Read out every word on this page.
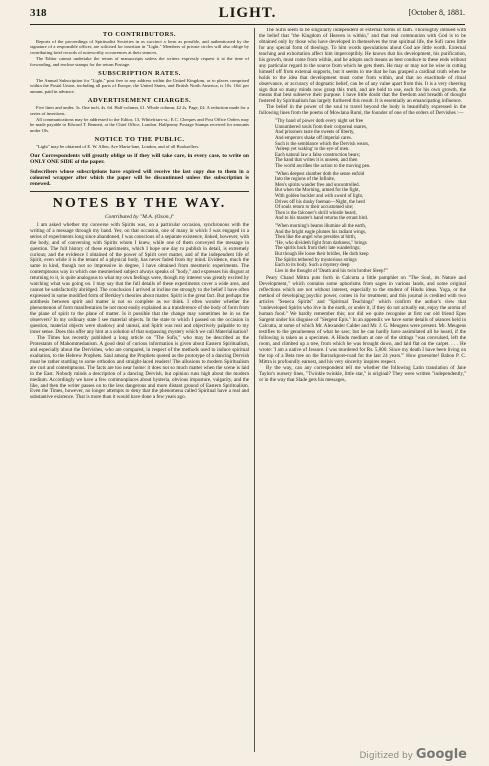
318	LIGHT.	[October 8, 1881.
TO CONTRIBUTORS.

Reports of the proceedings of Spiritualist Societies in as succinct a form as possible, and authenticated by the signature of a responsible officer, are solicited for insertion in "Light." Members of private circles will also oblige by contributing brief records of noteworthy occurrences at their seances.

The Editor cannot undertake the return of manuscripts unless the writers expressly request it at the time of forwarding, and enclose stamps for the return Postage.

SUBSCRIPTION RATES.

The Annual Subscription for "Light," post free to any address within the United Kingdom, or to places comprised within the Postal Union, including all parts of Europe, the United States, and British North America, is 10s. 10d. per annum, paid in advance.

ADVERTISEMENT CHARGES.

Five lines and under, 3s. One inch, 4s. 6d. Half-column, £1. Whole column, £2 2s. Page, £4. A reduction made for a series of insertions.

All communications may be addressed to the Editor, 13, Whitefriars-st., E.C. Cheques and Post Office Orders may be made payable to Edward T. Bennett, at the Chief Office, London. Halfpenny Postage Stamps received for amounts under 10s.

NOTICE TO THE PUBLIC.

"Light" may be obtained of E. W. Allen, Ave Maria-lane, London, and of all Booksellers.

Our Correspondents will greatly oblige us if they will take care, in every case, to write on ONLY ONE SIDE of the paper.

Subscribers whose subscriptions have expired will receive the last copy due to them in a coloured wrapper after which the paper will be discontinued unless the subscription is renewed.

NOTES BY THE WAY.
Contributed by "M.A. (Oxon.)"

I am asked whether my converse with Spirits was, on a particular occasion, synchronous with the writing of a message through my hand. Yes; on that occasion, one of many in which I was engaged in a series of experiments long since abandoned, I was conscious of a separate existence, linked, however, with the body, and of conversing with Spirits whom I knew, while one of them conveyed the message in question. The full history of these experiments, which I hope one day to publish in detail, is extremely curious; and the evidence I obtained of the power of Spirit over matter, and of the independent life of Spirit, even while it is the tenant of a physical body, has never faded from my mind. Evidence, much the same in kind, though not so impressive in degree, I have obtained from mesmeric experiments. The contemptuous way in which one mesmerised subject always speaks of "body," and expresses his disgust at returning to it, is quite analogous to what my own feelings were, though my interest was greatly excited by watching what was going on. I may say that the full details of these experiments cover a wide area, and cannot be satisfactorily abridged. The conclusion I arrived at incline me strongly to the belief I have often expressed in some modified form of Berkley's theories about matter. Spirit is the great fact. But perhaps the antithesis between spirit and matter is not so complete as we think. I often wonder whether the phenomenon of form manifestation be not most easily explained as a transference of the body of form from the plane of spirit to the plane of matter. Is it possible that the change may sometimes be in us the observers? In my ordinary state I see material objects. In the state to which I passed on the occasion in question, material objects were shadowy and unreal, and Spirit was real and objectively palpable to my inner sense. Does this offer any hint at a solution of that surpassing mystery which we call Materialisation?

The Times has recently published a long article on "The Sufis," who may be described as the Protestants of Mahommedanism. A good deal of curious information is given about Eastern Spiritualism, and especially about the Dervishes, who are compared, in respect of the methods used to induce spiritual exaltation, to the Hebrew Prophets. Saul among the Prophets quoted as the prototype of a dancing Dervish must be rather startling to some orthodox and straight-laced readers! The allusions to modern Spiritualism are curt and contemptuous. The facts are too near home: it does not so much matter when the scene is laid in the East. Nobody minds a description of a dancing Dervish, but opinion runs high about the modern medium. Accordingly we have a few commonplaces about hysteria, obvious imposture, vulgarity, and the like, and then the writer passes on to the less dangerous and more distant ground of Eastern Spiritualism. Even the Times, however, no longer attempts to deny that the phenomena called Spiritual have a real and substantive existence. That is more than it would have done a few years ago.

The Sufis seem to be singularly independent of external forms of faith. Thoroughly imbued with the belief that "the Kingdom of Heaven is within," and that real communion with God is to be obtained only by those who have developed in themselves the true spiritual life, the Sufi cares little for any special form of theology. To him words speculations about God are little worth. External teaching and exhortation affect him imperceptibly. He knows that his development, his purification, his growth, must come from within, and he adopts such means as best conduce to these ends without any particular regard to the source from which he gets them. He may or may not be wise in cutting himself off from external supports, but it seems to me that he has grasped a cardinal truth when he holds to the idea that development must come from within, and that no exactitude of ritual observance, or accuracy of dogmatic belief, can be of any value apart from this. It is a very cheering sign that so many minds now grasp this truth, and are bold to use, each for his own growth, the means that best subserve their purpose. I have little doubt that the freedom and breadth of thought fostered by Spiritualism has largely furthered this result. It is essentially an emancipating influence.

The belief in the power of the soul to travel beyond the body is beautifully expressed in the following lines from the poems of Mowlana Rumi, the founder of one of the orders of Dervishes :—

"Thy hand of power doth every night set free
Unnumbered souls from their corporeal snares,
And prisoners taste the sweets of liberty,
And emperors shake off imperial cares.
Such is the semblance which the Dervish wears,
'Asleep yet waking' to the eye of men.
Each natural law a false construction bears;
The hand that writes it is unseen, and then
The world ascribes the action to the moving pen.
"When deepest slumber doth the sense enfold
Into the regions of the Infinite,
Men's spirits wander free and uncontrolled.
But when the Morning, armed for the fight,
With golden buckler and with sword of light,
Drives off his dusky foeman—Night, the herd
Of souls return to their accustomed site;
Then is the falconer's shrill whistle heard,
And to his master's hand returns the errant bird.
"When morning's beams illumine all the earth,
And the bright eagle plumes his radiant wings,
Then like the angel who presides at birth,
"He, who divideth light from darkness," brings
The spirits back from their late wanderings;
But though He loose their bridles, He doth keep
The Spirits tethered by mysterious strings
Each to its body. Such a mystery deep
Lies in the thought of 'Death and his twin brother Sleep!'"

Peary Chand Mittra puts forth in Calcutta a little pamphlet on "The Soul, its Nature and Development," which contains some aphorisms from sages in various lands, and some original reflections which are not without interest, especially to the student of Hindu ideas. Yoga, or the method of developing psychic power, comes in for treatment; and this journal is credited with two articles "Seneca Spirits" and "Spiritual Teachings" which confirm the author's view that "undeveloped Spirits who live in the earth, or under it, if they do not actually eat, enjoy the aroma of human food." We hardly remember this; nor did we quite recognise at first our old friend Epes Sargent under his disguise of "Sergent Epis." In an appendix we have some details of séances held in Calcutta, at some of which Mr. Alexander Calder and Mr. J. G. Meugens were present. Mr. Meugens testifies to the genuineness of what he saw; but he can hardly have assimilated all he heard, if the following is taken as a specimen. A Hindu medium at one of the sittings "was convulsed, left the room, and climbed up a tree, from which he was brought down, and laid flat on the carpet. . . . He wrote: 'I am a native of Jessore. I was murdered for Rs. 5,000. Since my death I have been living on the top of a Beta tree on the Barrackpore-road for the last 24 years.'" How gruesome! Baboo P. C. Mittra is profoundly earnest, and his very sincerity inspires respect.

By the way, can any correspondent tell me whether the following Latin translation of Jane Taylor's nursery lines, "Twinkle twinkle, little star," is original? They were written "independently," or in the way that Slade gets his messages,

Digitized by Google
